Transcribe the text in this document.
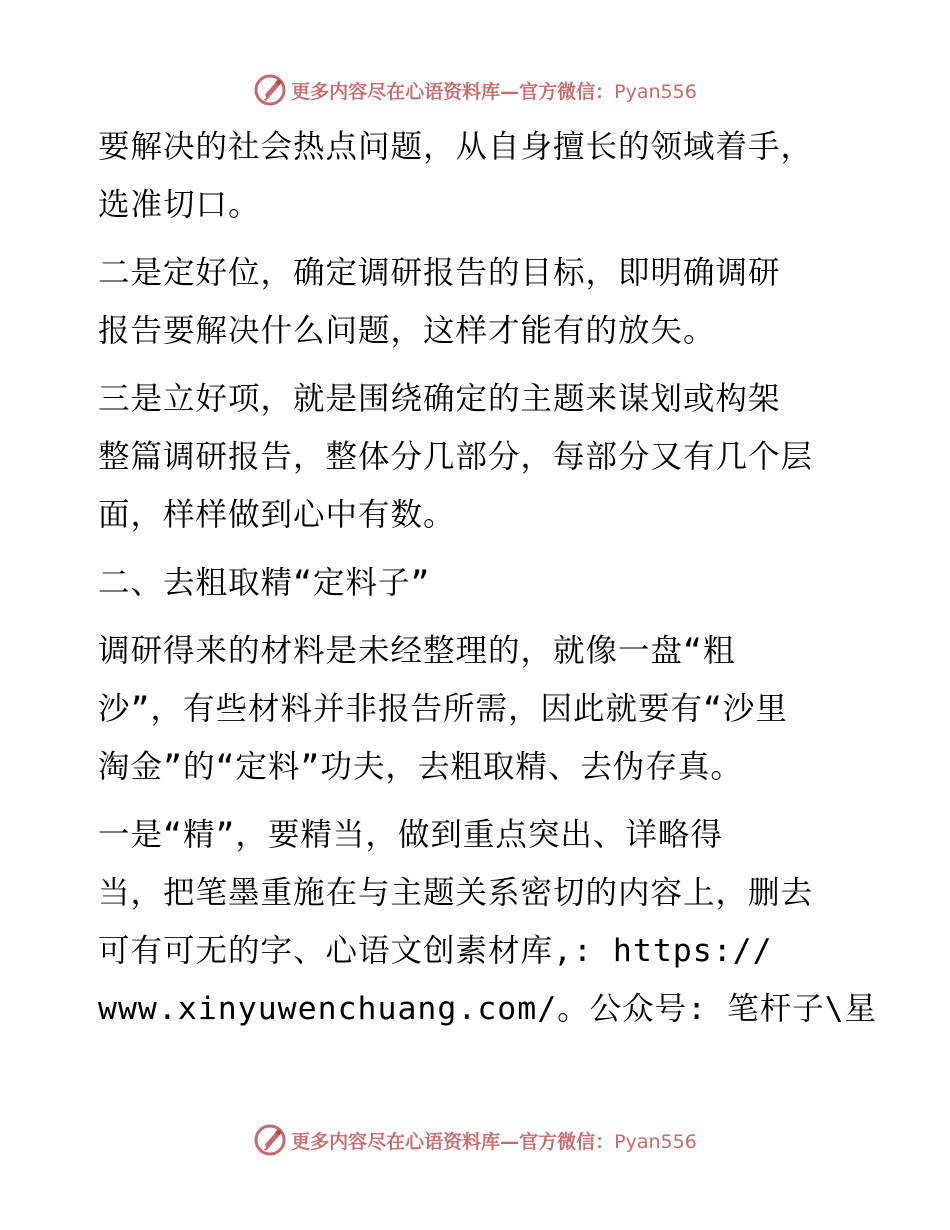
更多内容尽在心语资料库—官方微信：Pyan556
要解决的社会热点问题，从自身擅长的领域着手，
选准切口。
二是定好位，确定调研报告的目标，即明确调研
报告要解决什么问题，这样才能有的放矢。
三是立好项，就是围绕确定的主题来谋划或构架
整篇调研报告，整体分几部分，每部分又有几个层
面，样样做到心中有数。
二、去粗取精“定料子”
调研得来的材料是未经整理的，就像一盘“粗
沙”，有些材料并非报告所需，因此就要有“沙里
淘金”的“定料”功夫，去粗取精、去伪存真。
一是“精”，要精当，做到重点突出、详略得
当，把笔墨重施在与主题关系密切的内容上，删去
可有可无的字、心语文创素材库,: https://
www.xinyuwenchuang.com/。公众号: 笔杆子\星
更多内容尽在心语资料库—官方微信：Pyan556
